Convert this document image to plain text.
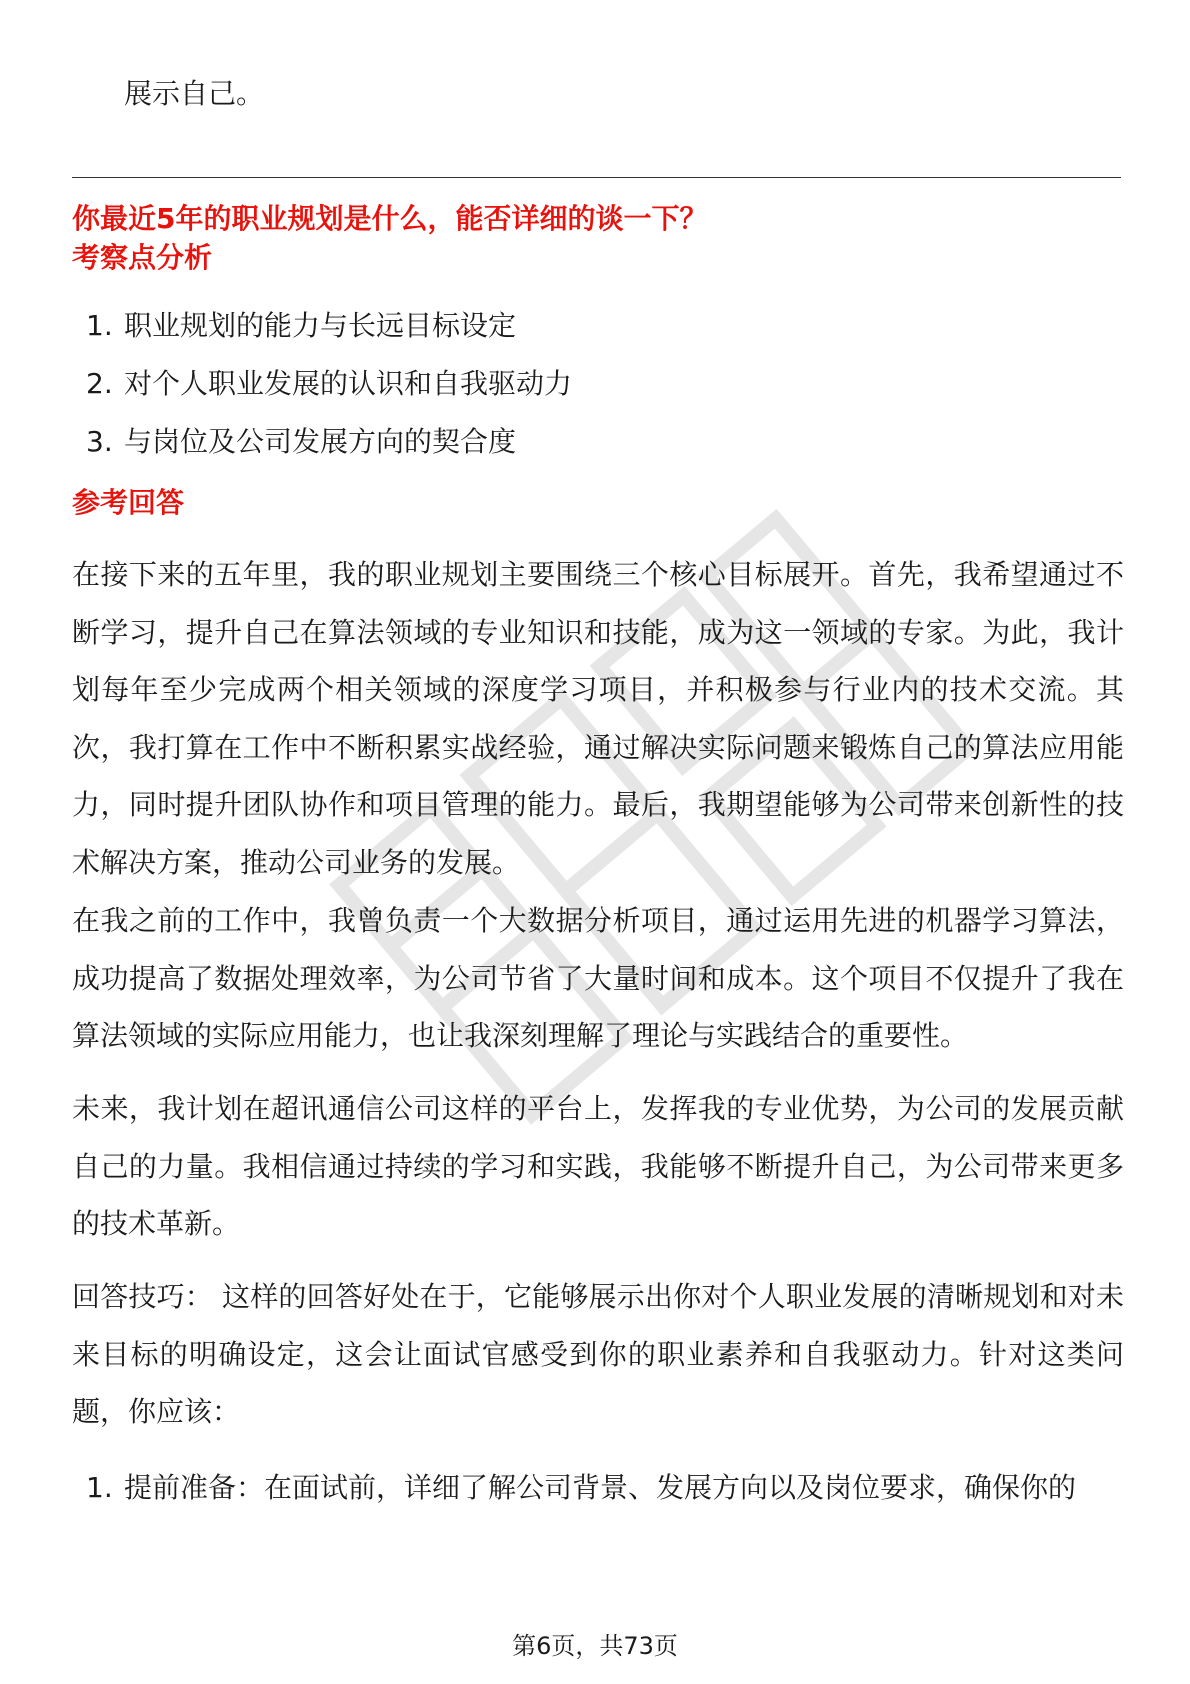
展示自己。

你最近5年的职业规划是什么，能否详细的谈一下？
考察点分析
1. 职业规划的能力与长远目标设定
2. 对个人职业发展的认识和自我驱动力
3. 与岗位及公司发展方向的契合度
参考回答

在接下来的五年里，我的职业规划主要围绕三个核心目标展开。首先，我希望通过不断学习，提升自己在算法领域的专业知识和技能，成为这一领域的专家。为此，我计划每年至少完成两个相关领域的深度学习项目，并积极参与行业内的技术交流。其次，我打算在工作中不断积累实战经验，通过解决实际问题来锻炼自己的算法应用能力，同时提升团队协作和项目管理的能力。最后，我期望能够为公司带来创新性的技术解决方案，推动公司业务的发展。

在我之前的工作中，我曾负责一个大数据分析项目，通过运用先进的机器学习算法，成功提高了数据处理效率，为公司节省了大量时间和成本。这个项目不仅提升了我在算法领域的实际应用能力，也让我深刻理解了理论与实践结合的重要性。

未来，我计划在超讯通信公司这样的平台上，发挥我的专业优势，为公司的发展贡献自己的力量。我相信通过持续的学习和实践，我能够不断提升自己，为公司带来更多的技术革新。

回答技巧： 这样的回答好处在于，它能够展示出你对个人职业发展的清晰规划和对未来目标的明确设定，这会让面试官感受到你的职业素养和自我驱动力。针对这类问题，你应该：

1. 提前准备：在面试前，详细了解公司背景、发展方向以及岗位要求，确保你的

第6页，共73页
